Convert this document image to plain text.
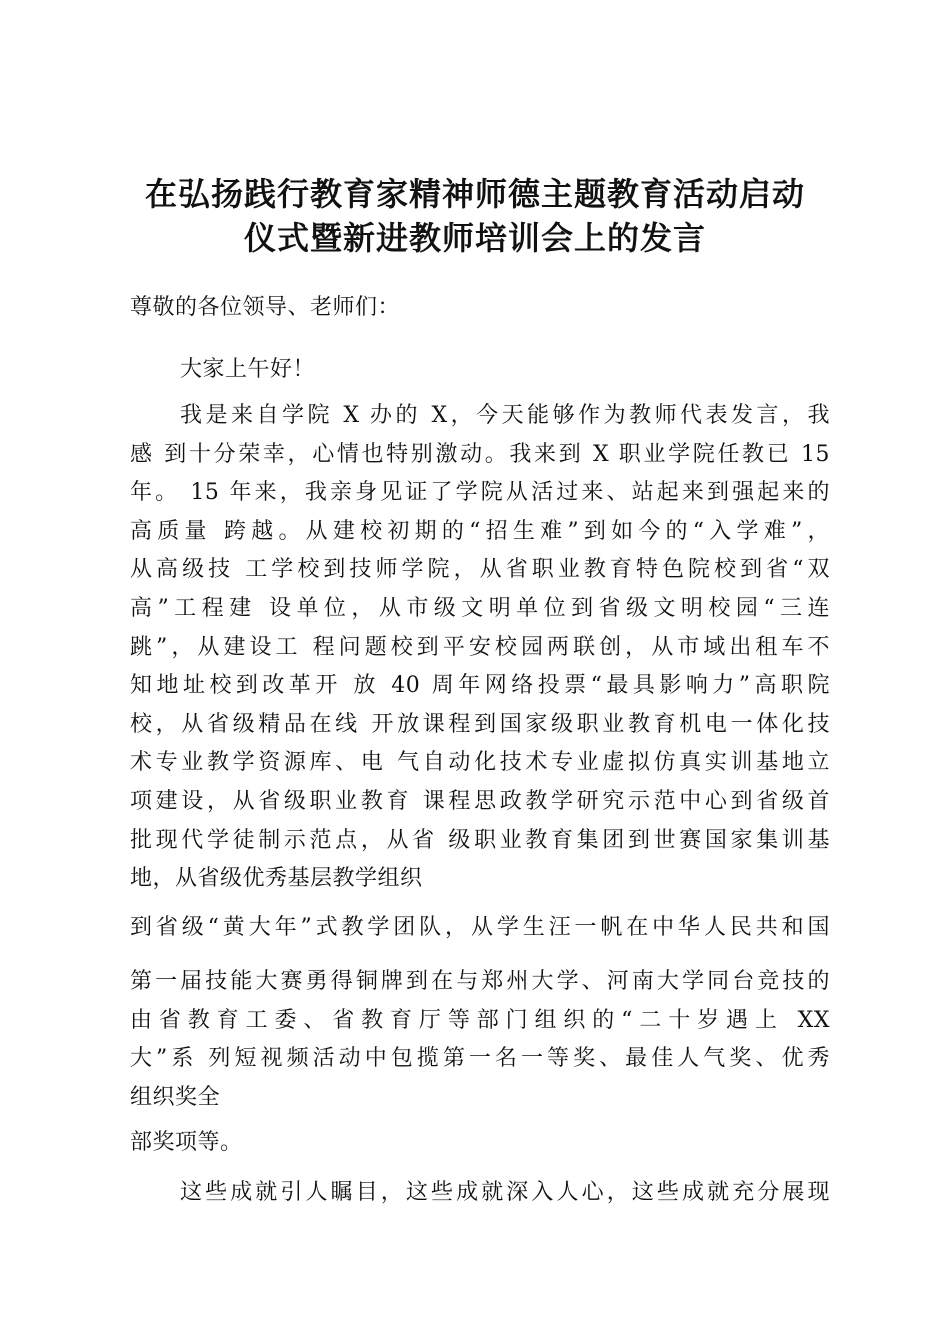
在弘扬践行教育家精神师德主题教育活动启动
仪式暨新进教师培训会上的发言
尊敬的各位领导、老师们：
大家上午好！
我是来自学院 X 办的 X，今天能够作为教师代表发言，我
感 到十分荣幸，心情也特别激动。我来到 X 职业学院任教已 15
年。 15 年来，我亲身见证了学院从活过来、站起来到强起来的
高质量 跨越。从建校初期的“招生难”到如今的“入学难”，
从高级技 工学校到技师学院，从省职业教育特色院校到省“双
高”工程建 设单位，从市级文明单位到省级文明校园“三连
跳”，从建设工 程问题校到平安校园两联创，从市域出租车不
知地址校到改革开 放 40 周年网络投票“最具影响力”高职院
校，从省级精品在线 开放课程到国家级职业教育机电一体化技
术专业教学资源库、电 气自动化技术专业虚拟仿真实训基地立
项建设，从省级职业教育 课程思政教学研究示范中心到省级首
批现代学徒制示范点，从省 级职业教育集团到世赛国家集训基
地，从省级优秀基层教学组织
到省级“黄大年”式教学团队，从学生汪一帆在中华人民共和国
第一届技能大赛勇得铜牌到在与郑州大学、河南大学同台竞技的
由省教育工委、省教育厅等部门组织的“二十岁遇上 XX
大”系 列短视频活动中包揽第一名一等奖、最佳人气奖、优秀
组织奖全
部奖项等。
这些成就引人瞩目，这些成就深入人心，这些成就充分展现
